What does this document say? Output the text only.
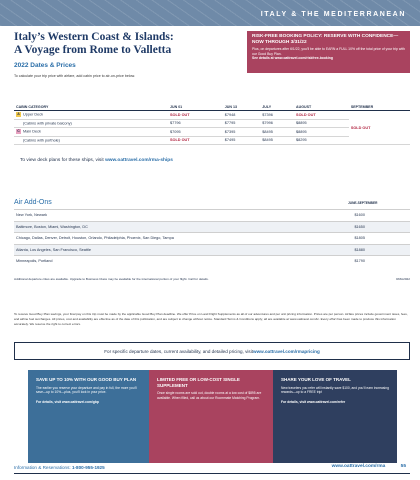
ITALY & THE MEDITERRANEAN
Italy’s Western Coast & Islands:
A Voyage from Rome to Valletta
2022 Dates & Prices
To calculate your trip price with airfare, add cabin price to air-on-price below.
RISK-FREE BOOKING POLICY: RESERVE WITH CONFIDENCE—NOW THROUGH 3/31/22
Plus, on departures after 6/1/22, you’ll be able to EARN a FULL 10% off the total price of your trip with our Good Buy Plan.
See details at www.oattravel.com/riskfree-booking
CABIN CATEGORY	JUN 01	JUN 13	JULY	AUGUST	SEPTEMBER
A Upper Deck	SOLD OUT	$7948	$7396	SOLD OUT	SOLD OUT
(Cabins with private balcony)	$7796	$7795	$7996	$8895	
C Main Deck	$7095	$7395	$8495	$8895	
(Cabins with porthole)	SOLD OUT	$7495	$8495	$8295	
To view deck plans for these ships, visit www.oattravel.com/rma-ships
Air Add-Ons	JUNE-SEPTEMBER
New York, Newark	$1600
Baltimore, Boston, Miami, Washington, DC	$1650
Chicago, Dallas, Denver, Detroit, Houston, Orlando, Philadelphia, Phoenix, San Diego, Tampa	$1805
Atlanta, Los Angeles, San Francisco, Seattle	$1880
Minneapolis, Portland	$1790
Additional departure cities are available. Upgrade to Business Class may be available for the international portion of your flight. Call for details.	RMA2022
To receive Good Buy Plan savings, your final pay on this trip must be made by the applicable Good Buy Plan deadline. We offer Price on Land Flight Supplements as all of our adventures and per unit pricing information. Prices are per person. Airfare prices include government taxes, fees, and airline fuel surcharges. All prices, cost and availability are effective as of the date of this publication, and are subject to change without notice. Standard Terms & Conditions apply; all are available at www.oattravel.com/tc. Every effort has been made to produce this information accurately. We reserve the right to correct errors.
For specific departure dates, current availability, and detailed pricing, visit www.oattravel.com/rmapricing
SAVE UP TO 10% WITH OUR GOOD BUY PLAN

The earlier you reserve your departure and pay in full, the more you’ll save—up to 10%—plus, you’ll lock in your price.

For details, visit www.oattravel.com/gbp
LIMITED FREE OR LOW-COST SINGLE SUPPLEMENT

Once single rooms are sold out, double rooms at a low cost of $895 are available. When filled, call us about our Roommate Matching Program.

SHARE YOUR LOVE OF TRAVEL

New travelers you refer will instantly save $100, and you’ll earn increasing rewards—up to a FREE trip!

For details, visit www.oattravel.com/refer
Information & Reservations: 1-800-955-1925	www.oattravel.com/rma	55
